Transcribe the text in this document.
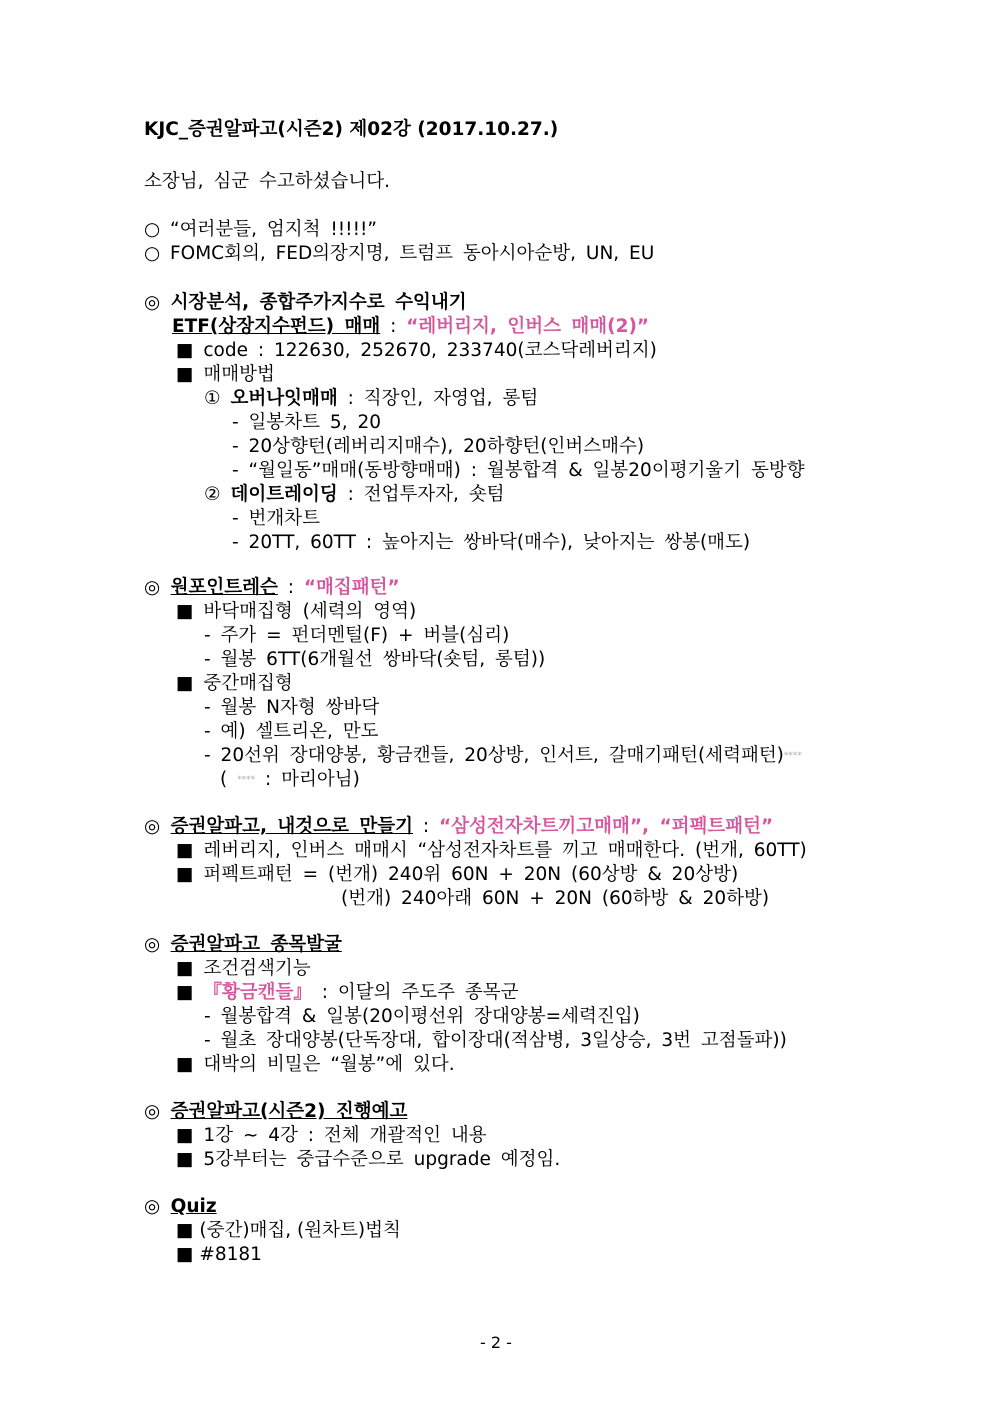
KJC_증권알파고(시즌2) 제02강 (2017.10.27.)
소장님, 심군 수고하셨습니다.
○ “여러분들, 엄지척 !!!!!”
○ FOMC회의, FED의장지명, 트럼프 동아시아순방, UN, EU
◎ 시장분석, 종합주가지수로 수익내기
ETF(상장지수펀드) 매매 : “레버리지, 인버스 매매(2)”
■ code : 122630, 252670, 233740(코스닥레버리지)
■ 매매방법
① 오버나잇매매 : 직장인, 자영업, 롱텀
- 일봉차트 5, 20
- 20상향턴(레버리지매수), 20하향턴(인버스매수)
- “월일동”매매(동방향매매) : 월봉합격 & 일봉20이평기울기 동방향
② 데이트레이딩 : 전업투자자, 숏텀
- 번개차트
- 20TT, 60TT : 높아지는 쌍바닥(매수), 낮아지는 쌍봉(매도)
◎ 원포인트레슨 : “매집패턴”
■ 바닥매집형 (세력의 영역)
- 주가 = 펀더멘털(F) + 버블(심리)
- 월봉 6TT(6개월선 쌍바닥(숏텀, 롱텀))
■ 중간매집형
- 월봉 N자형 쌍바닥
- 예) 셀트리온, 만도
- 20선위 장대양봉, 황금캔들, 20상방, 인서트, 갈매기패턴(세력패턴)****
( **** : 마리아님)
◎ 증권알파고, 내것으로 만들기 : “삼성전자차트끼고매매”, “퍼펙트패턴”
■ 레버리지, 인버스 매매시 “삼성전자차트를 끼고 매매한다. (번개, 60TT)
■ 퍼펙트패턴 = (번개) 240위 60N + 20N (60상방 & 20상방)
(번개) 240아래 60N + 20N (60하방 & 20하방)
◎ 증권알파고 종목발굴
■ 조건검색기능
■ 『황금캔들』 : 이달의 주도주 종목군
- 월봉합격 & 일봉(20이평선위 장대양봉=세력진입)
- 월초 장대양봉(단독장대, 합이장대(적삼병, 3일상승, 3번 고점돌파))
■ 대박의 비밀은 “월봉”에 있다.
◎ 증권알파고(시즌2) 진행예고
■ 1강 ~ 4강 : 전체 개괄적인 내용
■ 5강부터는 중급수준으로 upgrade 예정임.
◎ Quiz
■ (중간)매집, (원차트)법칙
■ #8181
- 2 -
